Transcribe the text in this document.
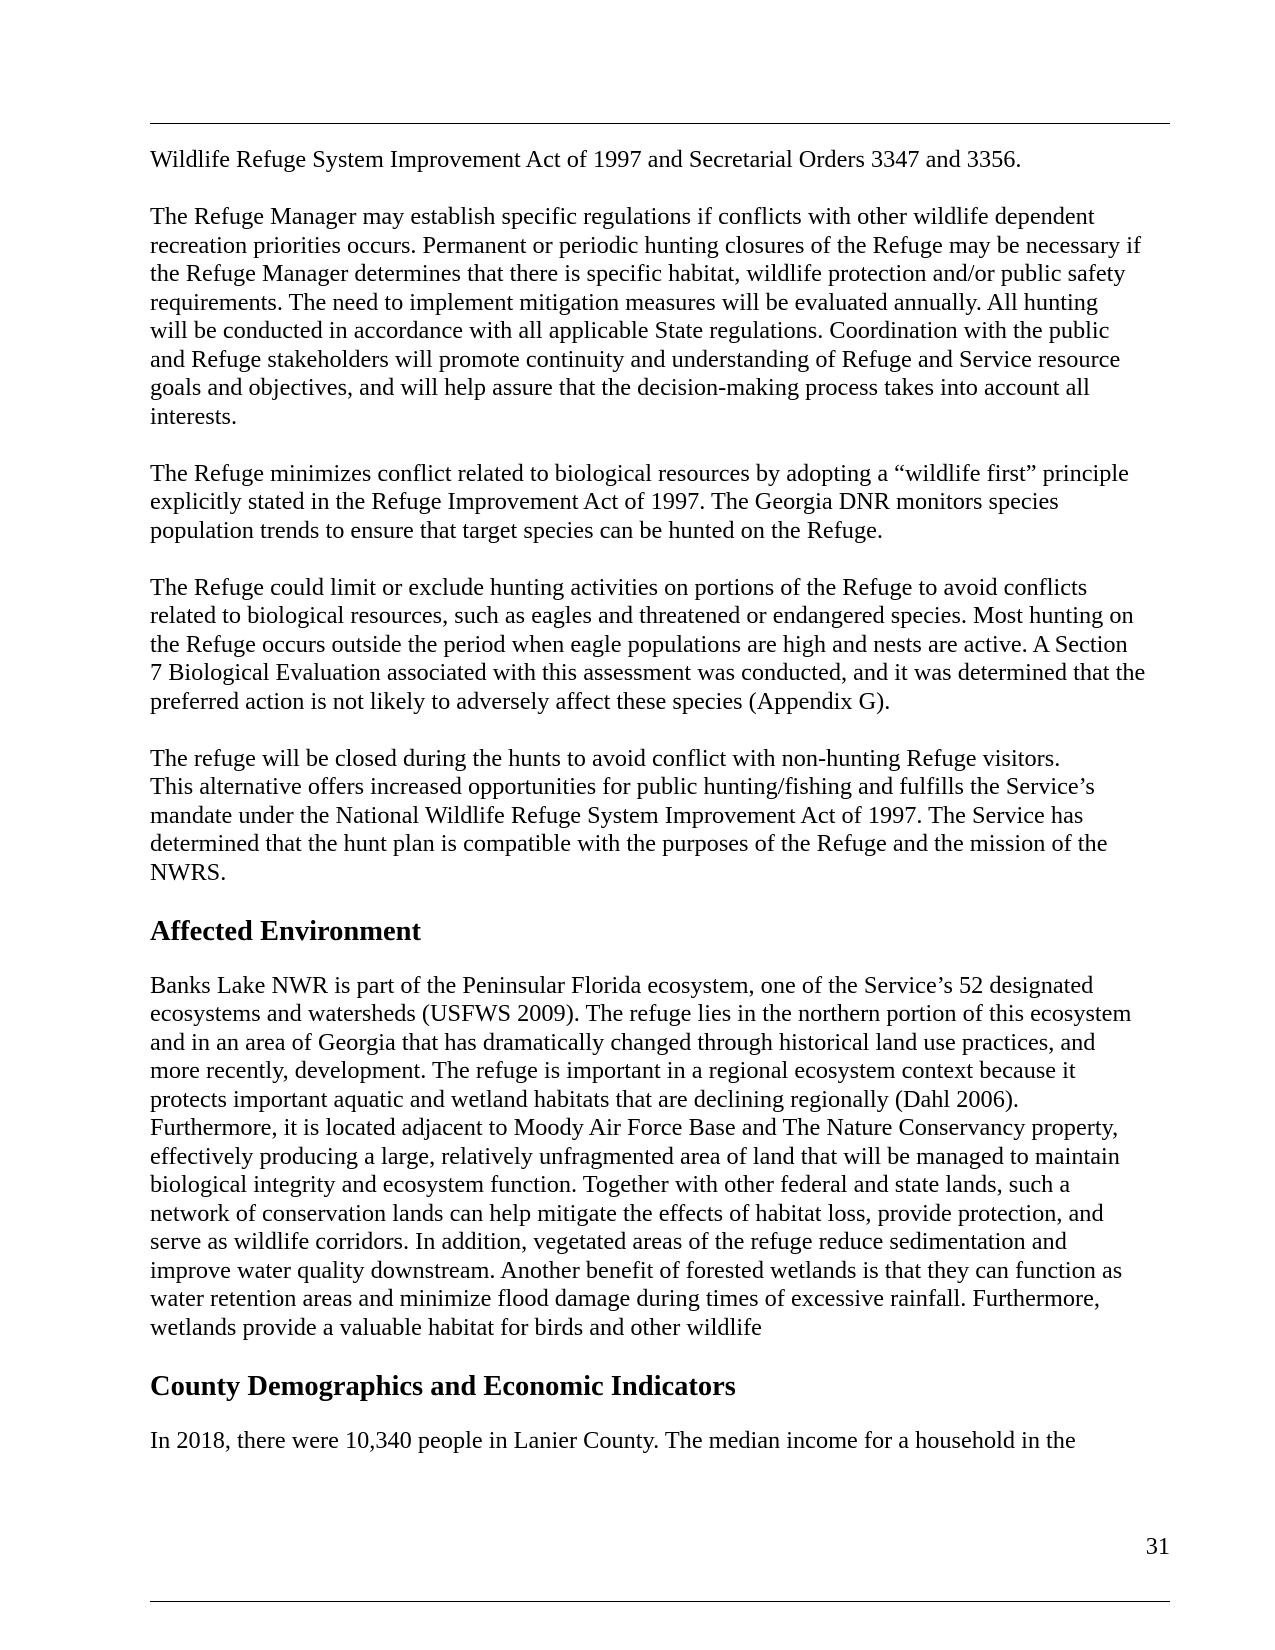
Wildlife Refuge System Improvement Act of 1997 and Secretarial Orders 3347 and 3356.

The Refuge Manager may establish specific regulations if conflicts with other wildlife dependent
recreation priorities occurs. Permanent or periodic hunting closures of the Refuge may be necessary if
the Refuge Manager determines that there is specific habitat, wildlife protection and/or public safety
requirements. The need to implement mitigation measures will be evaluated annually. All hunting
will be conducted in accordance with all applicable State regulations. Coordination with the public
and Refuge stakeholders will promote continuity and understanding of Refuge and Service resource
goals and objectives, and will help assure that the decision-making process takes into account all
interests.

The Refuge minimizes conflict related to biological resources by adopting a “wildlife first” principle
explicitly stated in the Refuge Improvement Act of 1997. The Georgia DNR monitors species
population trends to ensure that target species can be hunted on the Refuge.

The Refuge could limit or exclude hunting activities on portions of the Refuge to avoid conflicts
related to biological resources, such as eagles and threatened or endangered species. Most hunting on
the Refuge occurs outside the period when eagle populations are high and nests are active. A Section
7 Biological Evaluation associated with this assessment was conducted, and it was determined that the
preferred action is not likely to adversely affect these species (Appendix G).

The refuge will be closed during the hunts to avoid conflict with non-hunting Refuge visitors.
This alternative offers increased opportunities for public hunting/fishing and fulfills the Service’s
mandate under the National Wildlife Refuge System Improvement Act of 1997. The Service has
determined that the hunt plan is compatible with the purposes of the Refuge and the mission of the
NWRS.

Affected Environment

Banks Lake NWR is part of the Peninsular Florida ecosystem, one of the Service’s 52 designated
ecosystems and watersheds (USFWS 2009). The refuge lies in the northern portion of this ecosystem
and in an area of Georgia that has dramatically changed through historical land use practices, and
more recently, development. The refuge is important in a regional ecosystem context because it
protects important aquatic and wetland habitats that are declining regionally (Dahl 2006).
Furthermore, it is located adjacent to Moody Air Force Base and The Nature Conservancy property,
effectively producing a large, relatively unfragmented area of land that will be managed to maintain
biological integrity and ecosystem function. Together with other federal and state lands, such a
network of conservation lands can help mitigate the effects of habitat loss, provide protection, and
serve as wildlife corridors. In addition, vegetated areas of the refuge reduce sedimentation and
improve water quality downstream. Another benefit of forested wetlands is that they can function as
water retention areas and minimize flood damage during times of excessive rainfall. Furthermore,
wetlands provide a valuable habitat for birds and other wildlife

County Demographics and Economic Indicators

In 2018, there were 10,340 people in Lanier County. The median income for a household in the

31
